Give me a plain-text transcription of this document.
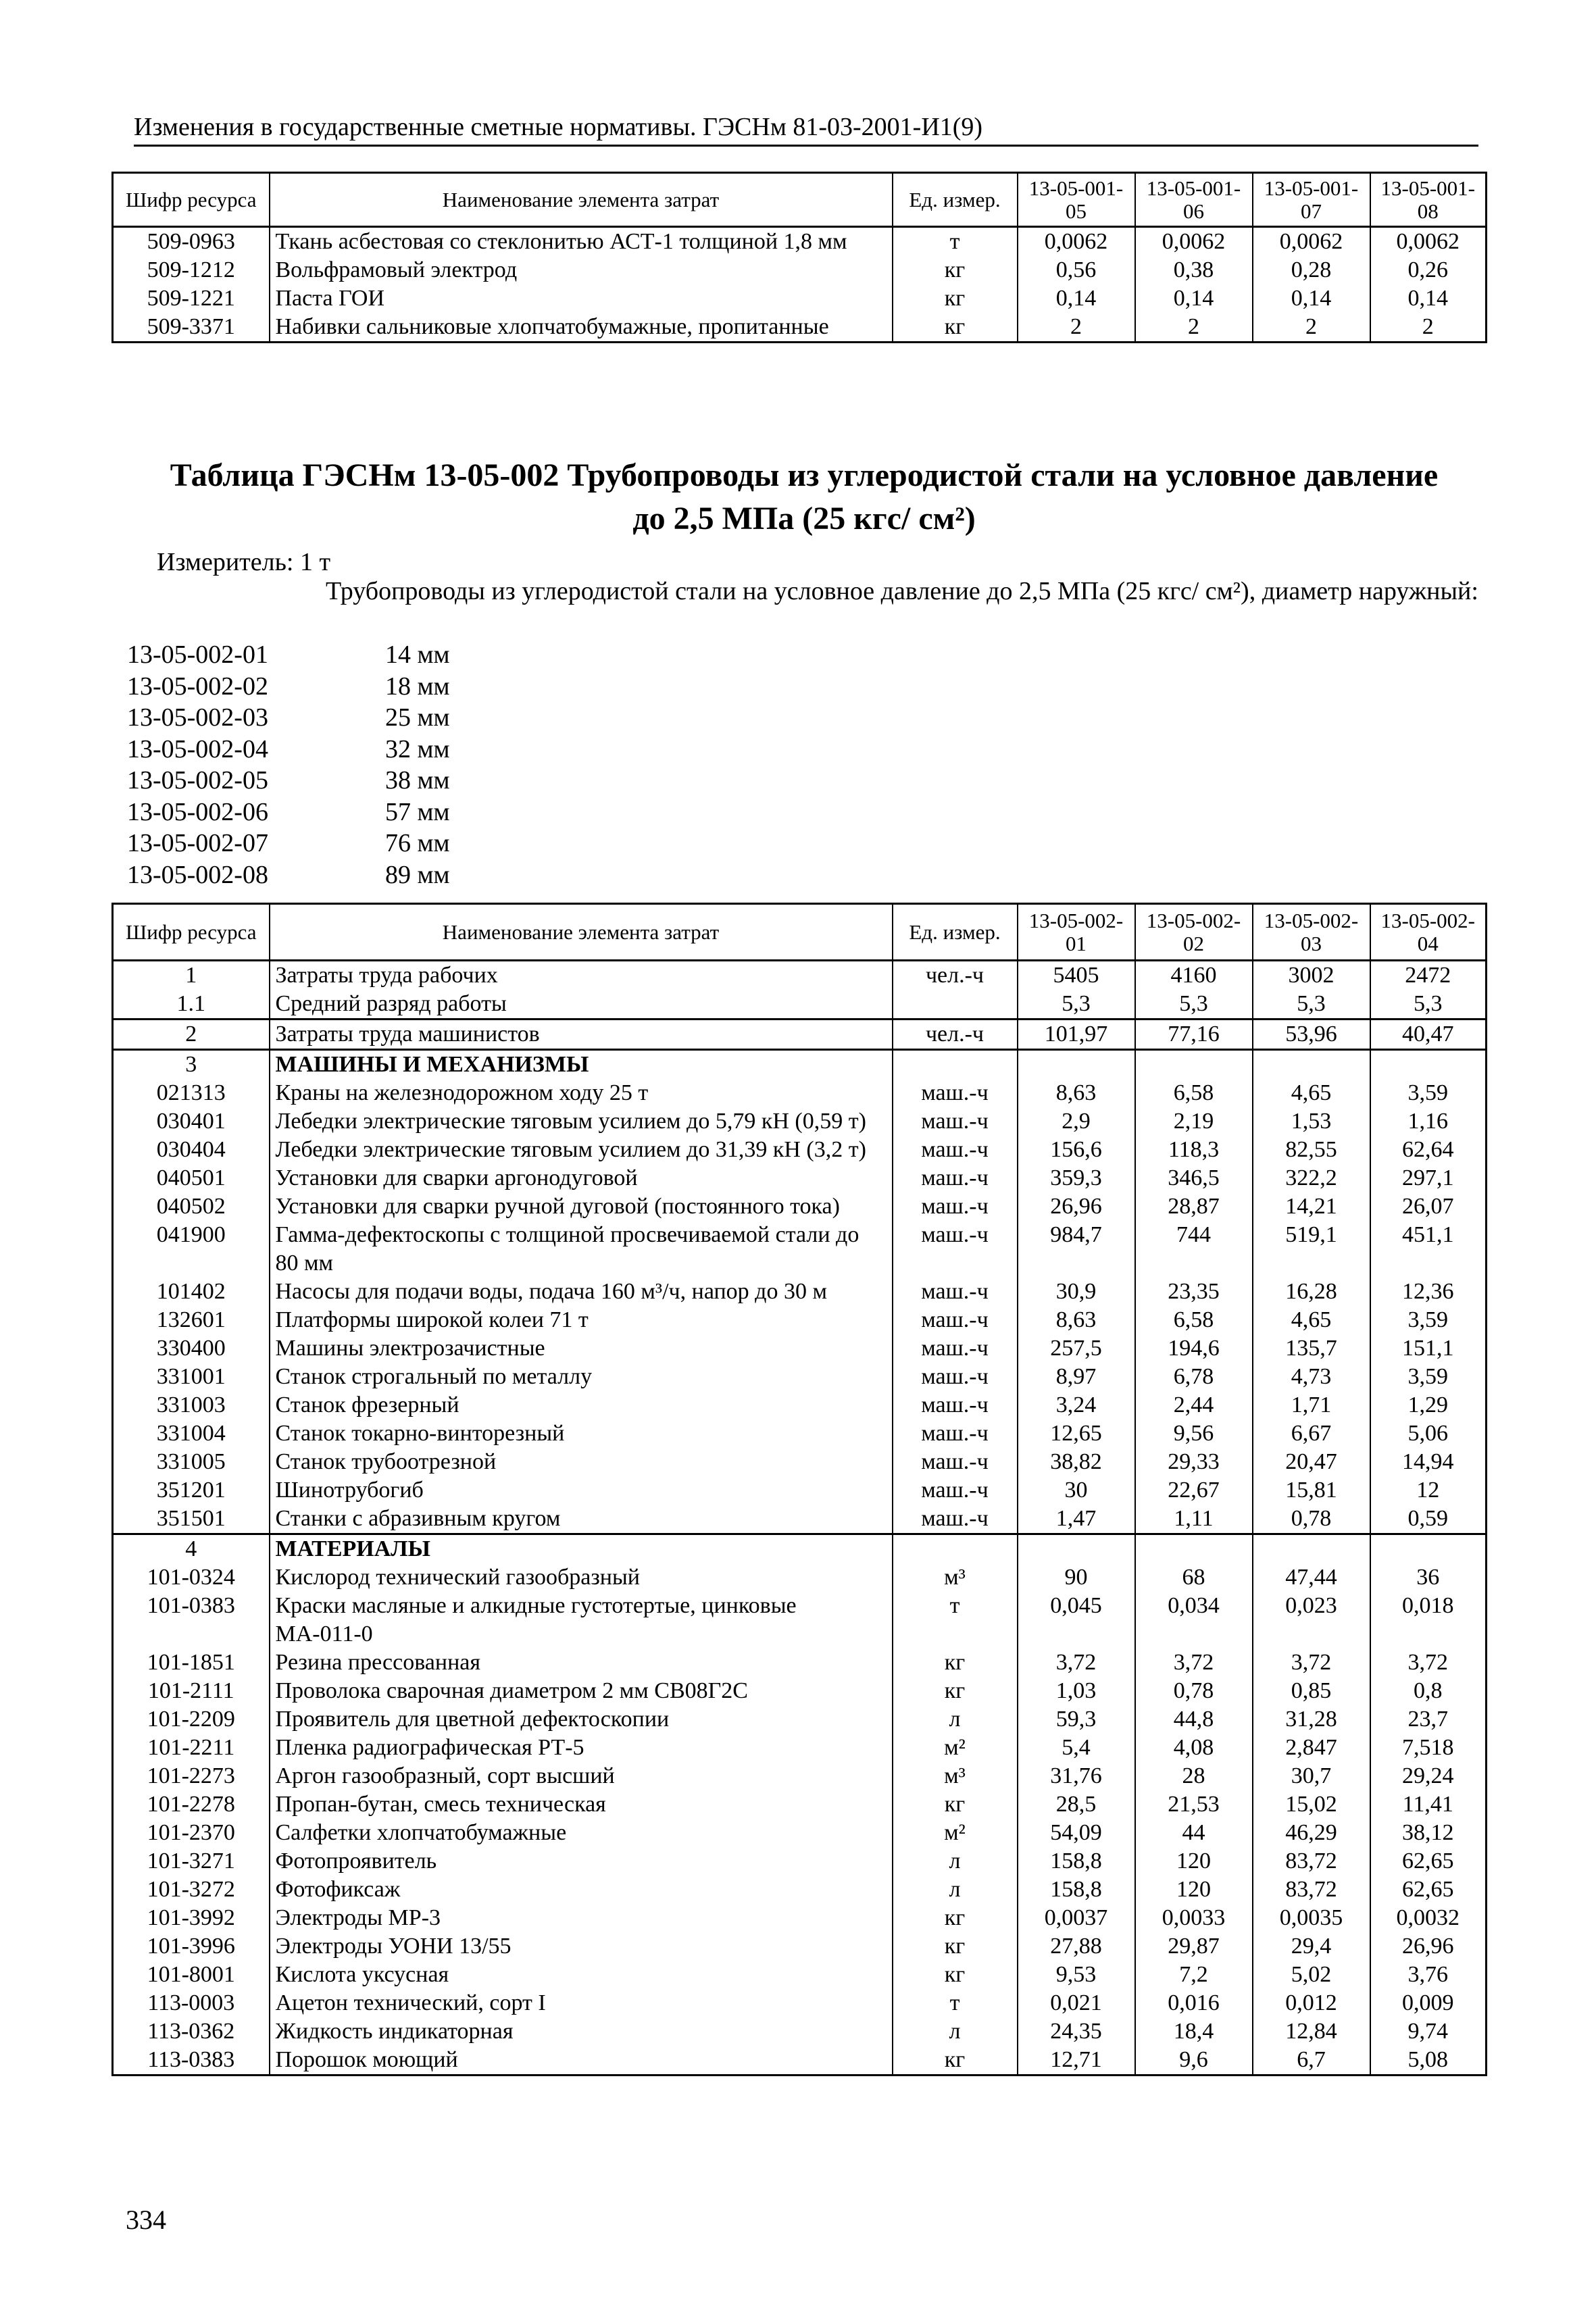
Изменения в государственные сметные нормативы. ГЭСНм 81-03-2001-И1(9)
Шифр ресурса	Наименование элемента затрат	Ед. измер.	13-05-001-05	13-05-001-06	13-05-001-07	13-05-001-08
509-0963	Ткань асбестовая со стеклонитью АСТ-1 толщиной 1,8 мм	т	0,0062	0,0062	0,0062	0,0062
509-1212	Вольфрамовый электрод	кг	0,56	0,38	0,28	0,26
509-1221	Паста ГОИ	кг	0,14	0,14	0,14	0,14
509-3371	Набивки сальниковые хлопчатобумажные, пропитанные	кг	2	2	2	2
Таблица ГЭСНм 13-05-002 Трубопроводы из углеродистой стали на условное давление
до 2,5 МПа (25 кгс/ см²)
Измеритель: 1 т
Трубопроводы из углеродистой стали на условное давление до 2,5 МПа (25 кгс/ см²), диаметр наружный:
13-05-002-01	14 мм
13-05-002-02	18 мм
13-05-002-03	25 мм
13-05-002-04	32 мм
13-05-002-05	38 мм
13-05-002-06	57 мм
13-05-002-07	76 мм
13-05-002-08	89 мм
Шифр ресурса	Наименование элемента затрат	Ед. измер.	13-05-002-01	13-05-002-02	13-05-002-03	13-05-002-04
1	Затраты труда рабочих	чел.-ч	5405	4160	3002	2472
1.1	Средний разряд работы		5,3	5,3	5,3	5,3
2	Затраты труда машинистов	чел.-ч	101,97	77,16	53,96	40,47
3	МАШИНЫ И МЕХАНИЗМЫ					
021313	Краны на железнодорожном ходу 25 т	маш.-ч	8,63	6,58	4,65	3,59
030401	Лебедки электрические тяговым усилием до 5,79 кН (0,59 т)	маш.-ч	2,9	2,19	1,53	1,16
030404	Лебедки электрические тяговым усилием до 31,39 кН (3,2 т)	маш.-ч	156,6	118,3	82,55	62,64
040501	Установки для сварки аргонодуговой	маш.-ч	359,3	346,5	322,2	297,1
040502	Установки для сварки ручной дуговой (постоянного тока)	маш.-ч	26,96	28,87	14,21	26,07
041900	Гамма-дефектоскопы с толщиной просвечиваемой стали до 80 мм	маш.-ч	984,7	744	519,1	451,1
101402	Насосы для подачи воды, подача 160 м³/ч, напор до 30 м	маш.-ч	30,9	23,35	16,28	12,36
132601	Платформы широкой колеи 71 т	маш.-ч	8,63	6,58	4,65	3,59
330400	Машины электрозачистные	маш.-ч	257,5	194,6	135,7	151,1
331001	Станок строгальный по металлу	маш.-ч	8,97	6,78	4,73	3,59
331003	Станок фрезерный	маш.-ч	3,24	2,44	1,71	1,29
331004	Станок токарно-винторезный	маш.-ч	12,65	9,56	6,67	5,06
331005	Станок трубоотрезной	маш.-ч	38,82	29,33	20,47	14,94
351201	Шинотрубогиб	маш.-ч	30	22,67	15,81	12
351501	Станки с абразивным кругом	маш.-ч	1,47	1,11	0,78	0,59
4	МАТЕРИАЛЫ					
101-0324	Кислород технический газообразный	м³	90	68	47,44	36
101-0383	Краски масляные и алкидные густотертые, цинковые МА-011-0	т	0,045	0,034	0,023	0,018
101-1851	Резина прессованная	кг	3,72	3,72	3,72	3,72
101-2111	Проволока сварочная диаметром 2 мм СВ08Г2С	кг	1,03	0,78	0,85	0,8
101-2209	Проявитель для цветной дефектоскопии	л	59,3	44,8	31,28	23,7
101-2211	Пленка радиографическая РТ-5	м²	5,4	4,08	2,847	7,518
101-2273	Аргон газообразный, сорт высший	м³	31,76	28	30,7	29,24
101-2278	Пропан-бутан, смесь техническая	кг	28,5	21,53	15,02	11,41
101-2370	Салфетки хлопчатобумажные	м²	54,09	44	46,29	38,12
101-3271	Фотопроявитель	л	158,8	120	83,72	62,65
101-3272	Фотофиксаж	л	158,8	120	83,72	62,65
101-3992	Электроды МР-3	кг	0,0037	0,0033	0,0035	0,0032
101-3996	Электроды УОНИ 13/55	кг	27,88	29,87	29,4	26,96
101-8001	Кислота уксусная	кг	9,53	7,2	5,02	3,76
113-0003	Ацетон технический, сорт I	т	0,021	0,016	0,012	0,009
113-0362	Жидкость индикаторная	л	24,35	18,4	12,84	9,74
113-0383	Порошок моющий	кг	12,71	9,6	6,7	5,08
334
